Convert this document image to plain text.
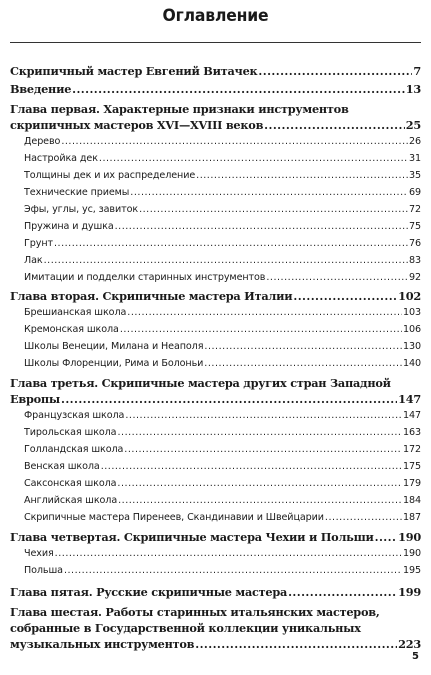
Оглавление
Скрипичный мастер Евгений Витачек .....	7
Введение .....	13
Глава первая. Характерные признаки инструментов
скрипичных мастеров XVI—XVIII веков .....	25
Дерево .....	26
Настройка дек .....	31
Толщины дек и их распределение .....	35
Технические приемы .....	69
Эфы, углы, ус, завиток .....	72
Пружина и душка .....	75
Грунт .....	76
Лак .....	83
Имитации и подделки старинных инструментов .....	92
Глава вторая. Скрипичные мастера Италии .....	102
Брешианская школа .....	103
Кремонская школа .....	106
Школы Венеции, Милана и Неаполя .....	130
Школы Флоренции, Рима и Болоньи .....	140
Глава третья. Скрипичные мастера других стран Западной
Европы .....	147
Французская школа .....	147
Тирольская школа .....	163
Голландская школа .....	172
Венская школа .....	175
Саксонская школа .....	179
Английская школа .....	184
Скрипичные мастера Пиренеев, Скандинавии и Швейцарии .....	187
Глава четвертая. Скрипичные мастера Чехии и Польши ..... 190
Чехия .....	190
Польша .....	195
Глава пятая. Русские скрипичные мастера .....	199
Глава шестая. Работы старинных итальянских мастеров,
собранные в Государственной коллекции уникальных
музыкальных инструментов .....	223
5
